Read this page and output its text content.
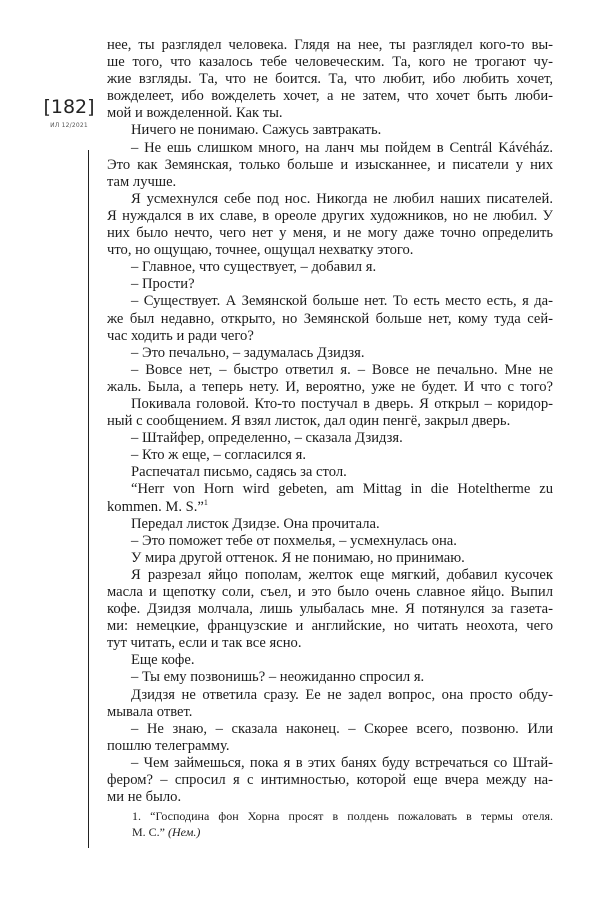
[182]
ИЛ 12/2021
нее, ты разглядел человека. Глядя на нее, ты разглядел кого-то вы-
ше того, что казалось тебе человеческим. Та, кого не трогают чу-
жие взгляды. Та, что не боится. Та, что любит, ибо любить хочет,
вожделеет, ибо вожделеть хочет, а не затем, что хочет быть люби-
мой и вожделенной. Как ты.
Ничего не понимаю. Сажусь завтракать.
– Не ешь слишком много, на ланч мы пойдем в Centrál Kávéház.
Это как Земянская, только больше и изысканнее, и писатели у них
там лучше.
Я усмехнулся себе под нос. Никогда не любил наших писателей.
Я нуждался в их славе, в ореоле других художников, но не любил. У
них было нечто, чего нет у меня, и не могу даже точно определить
что, но ощущаю, точнее, ощущал нехватку этого.
– Главное, что существует, – добавил я.
– Прости?
– Существует. А Земянской больше нет. То есть место есть, я да-
же был недавно, открыто, но Земянской больше нет, кому туда сей-
час ходить и ради чего?
– Это печально, – задумалась Дзидзя.
– Вовсе нет, – быстро ответил я. – Вовсе не печально. Мне не
жаль. Была, а теперь нету. И, вероятно, уже не будет. И что с того?
Покивала головой. Кто-то постучал в дверь. Я открыл – коридор-
ный с сообщением. Я взял листок, дал один пенгё, закрыл дверь.
– Штайфер, определенно, – сказала Дзидзя.
– Кто ж еще, – согласился я.
Распечатал письмо, садясь за стол.
“Herr von Horn wird gebeten, am Mittag in die Hoteltherme zu
kommen. M. S.”$^1$
Передал листок Дзидзе. Она прочитала.
– Это поможет тебе от похмелья, – усмехнулась она.
У мира другой оттенок. Я не понимаю, но принимаю.
Я разрезал яйцо пополам, желток еще мягкий, добавил кусочек
масла и щепотку соли, съел, и это было очень славное яйцо. Выпил
кофе. Дзидзя молчала, лишь улыбалась мне. Я потянулся за газета-
ми: немецкие, французские и английские, но читать неохота, чего
тут читать, если и так все ясно.
Еще кофе.
– Ты ему позвонишь? – неожиданно спросил я.
Дзидзя не ответила сразу. Ее не задел вопрос, она просто обду-
мывала ответ.
– Не знаю, – сказала наконец. – Скорее всего, позвоню. Или
пошлю телеграмму.
– Чем займешься, пока я в этих банях буду встречаться со Штай-
фером? – спросил я с интимностью, которой еще вчера между на-
ми не было.
1. “Господина фон Хорна просят в полдень пожаловать в термы отеля.
М. С.” (Нем.)
